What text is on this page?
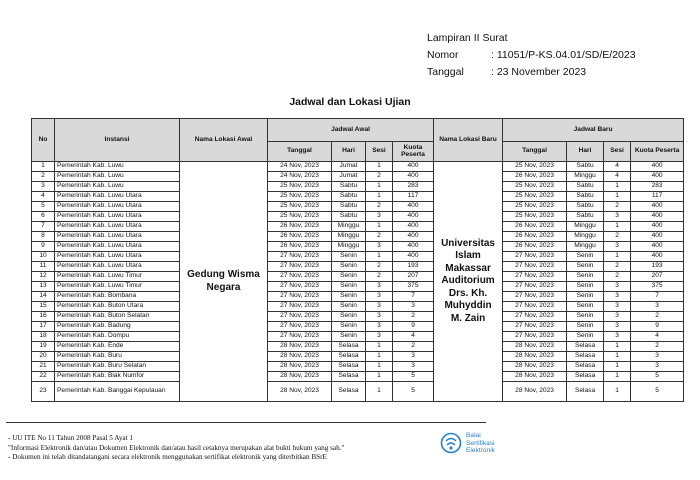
Lampiran II Surat
Nomor	: 11051/P-KS.04.01/SD/E/2023
Tanggal	: 23 November 2023
Jadwal dan Lokasi Ujian
No	Instansi	Nama Lokasi Awal	Jadwal Awal				Nama Lokasi Baru	Jadwal Baru			
			Tanggal	Hari	Sesi	Kuota Peserta		Tanggal	Hari	Sesi	Kuota Peserta
1	Pemerintah Kab. Luwu	Gedung Wisma Negara	24 Nov, 2023	Jumat	1	400	Universitas Islam Makassar Auditorium Drs. Kh. Muhyddin M. Zain	25 Nov, 2023	Sabtu	4	400
2	Pemerintah Kab. Luwu		24 Nov, 2023	Jumat	2	400		26 Nov, 2023	Minggu	4	400
3	Pemerintah Kab. Luwu		25 Nov, 2023	Sabtu	1	283		25 Nov, 2023	Sabtu	1	283
4	Pemerintah Kab. Luwu Utara		25 Nov, 2023	Sabtu	1	117		25 Nov, 2023	Sabtu	1	117
5	Pemerintah Kab. Luwu Utara		25 Nov, 2023	Sabtu	2	400		25 Nov, 2023	Sabtu	2	400
6	Pemerintah Kab. Luwu Utara		25 Nov, 2023	Sabtu	3	400		25 Nov, 2023	Sabtu	3	400
7	Pemerintah Kab. Luwu Utara		26 Nov, 2023	Minggu	1	400		26 Nov, 2023	Minggu	1	400
8	Pemerintah Kab. Luwu Utara		26 Nov, 2023	Minggu	2	400		26 Nov, 2023	Minggu	2	400
9	Pemerintah Kab. Luwu Utara		26 Nov, 2023	Minggu	3	400		26 Nov, 2023	Minggu	3	400
10	Pemerintah Kab. Luwu Utara		27 Nov, 2023	Senin	1	400		27 Nov, 2023	Senin	1	400
11	Pemerintah Kab. Luwu Utara		27 Nov, 2023	Senin	2	193		27 Nov, 2023	Senin	2	193
12	Pemerintah Kab. Luwu Timur		27 Nov, 2023	Senin	2	207		27 Nov, 2023	Senin	2	207
13	Pemerintah Kab. Luwu Timur		27 Nov, 2023	Senin	3	375		27 Nov, 2023	Senin	3	375
14	Pemerintah Kab. Bombana		27 Nov, 2023	Senin	3	7		27 Nov, 2023	Senin	3	7
15	Pemerintah Kab. Buton Utara		27 Nov, 2023	Senin	3	3		27 Nov, 2023	Senin	3	3
16	Pemerintah Kab. Buton Selatan		27 Nov, 2023	Senin	3	2		27 Nov, 2023	Senin	3	2
17	Pemerintah Kab. Badung		27 Nov, 2023	Senin	3	9		27 Nov, 2023	Senin	3	9
18	Pemerintah Kab. Dompu		27 Nov, 2023	Senin	3	4		27 Nov, 2023	Senin	3	4
19	Pemerintah Kab. Ende		28 Nov, 2023	Selasa	1	2		28 Nov, 2023	Selasa	1	2
20	Pemerintah Kab. Buru		28 Nov, 2023	Selasa	1	3		28 Nov, 2023	Selasa	1	3
21	Pemerintah Kab. Buru Selatan		28 Nov, 2023	Selasa	1	3		28 Nov, 2023	Selasa	1	3
22	Pemerintah Kab. Biak Numfor		28 Nov, 2023	Selasa	1	5		28 Nov, 2023	Selasa	1	5
23	Pemerintah Kab. Banggai Kepulauan		28 Nov, 2023	Selasa	1	5		28 Nov, 2023	Selasa	1	5
- UU ITE No 11 Tahun 2008 Pasal 5 Ayat 1
"Informasi Elektronik dan/atau Dokumen Elektronik dan/atau hasil cetaknya merupakan alat bukti hukum yang sah."
- Dokumen ini telah ditandatangani secara elektronik menggunakan sertifikat elektronik yang diterbitkan BSrE
Balai
Sertifikasi
Elektronik
